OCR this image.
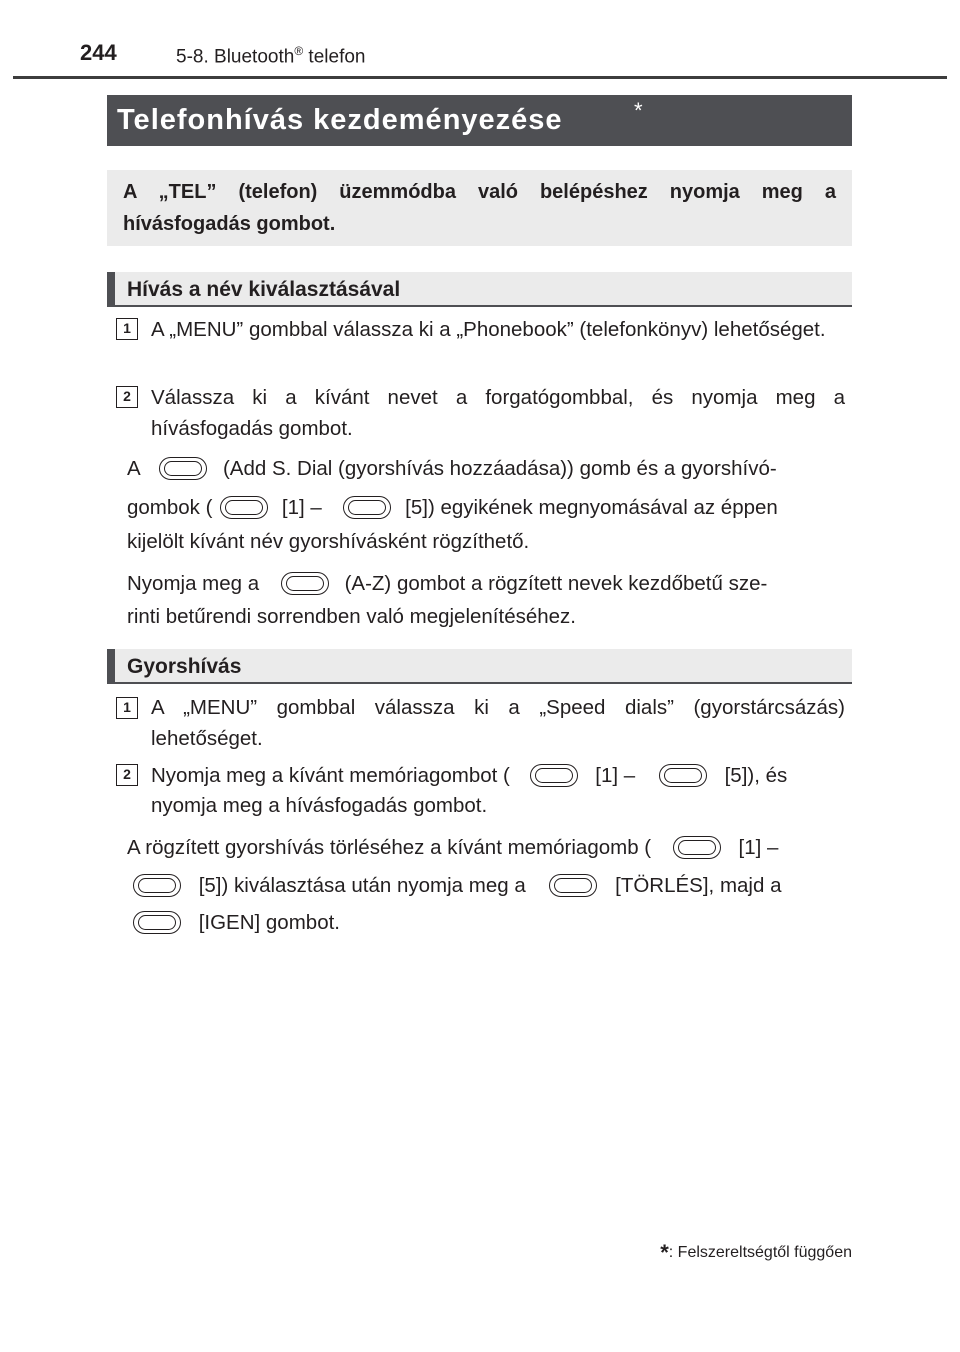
244	5-8. Bluetooth® telefon
Telefonhívás kezdeményezése	*
A „TEL” (telefon) üzemmódba való belépéshez nyomja meg a hívásfogadás gombot.
Hívás a név kiválasztásával
1 A „MENU” gombbal válassza ki a „Phonebook” (telefonkönyv) lehetőséget.
2 Válassza ki a kívánt nevet a forgatógombbal, és nyomja meg a hívásfogadás gombot.
A	(Add S. Dial (gyorshívás hozzáadása)) gomb és a gyorshívó-
gombok (	[1] –	[5]) egyikének megnyomásával az éppen
kijelölt kívánt név gyorshívásként rögzíthető.
Nyomja meg a	(A-Z) gombot a rögzített nevek kezdőbetű sze-
rinti betűrendi sorrendben való megjelenítéséhez.
Gyorshívás
1 A „MENU” gombbal válassza ki a „Speed dials” (gyorstárcsázás) lehetőséget.
2 Nyomja meg a kívánt memóriagombot (	[1] –	[5]), és
nyomja meg a hívásfogadás gombot.
A rögzített gyorshívás törléséhez a kívánt memóriagomb (	[1] –
[5]) kiválasztása után nyomja meg a	[TÖRLÉS], majd a
[IGEN] gombot.
*: Felszereltségtől függően
